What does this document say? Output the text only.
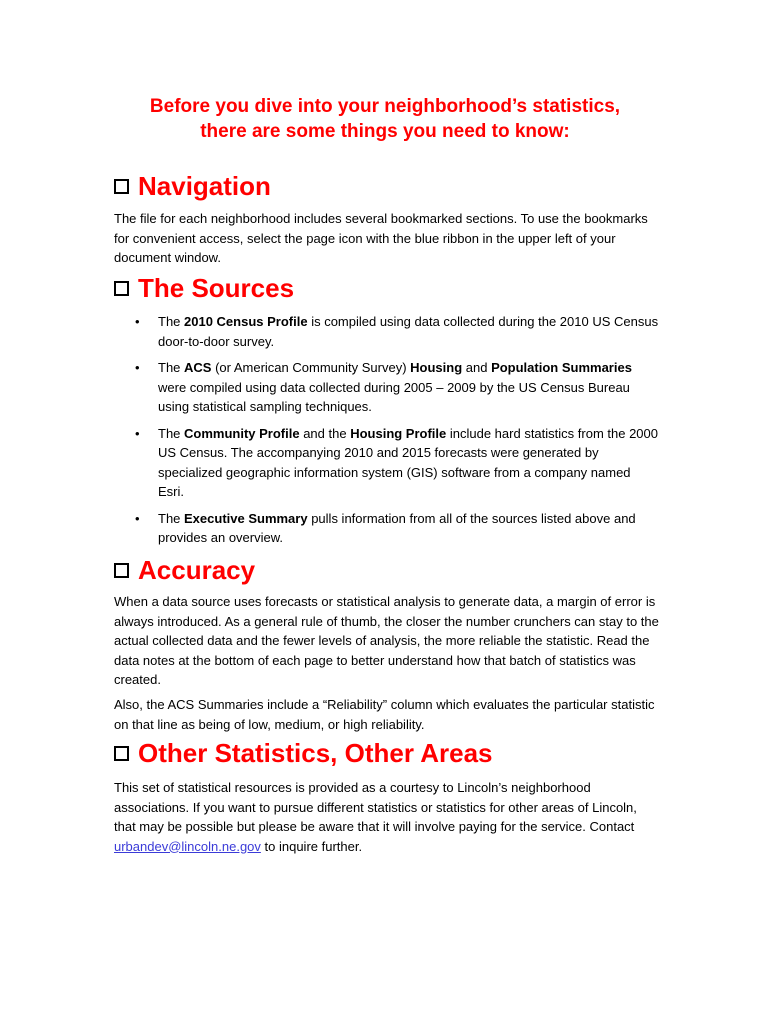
Before you dive into your neighborhood’s statistics,
there are some things you need to know:
Navigation
The file for each neighborhood includes several bookmarked sections. To use the bookmarks for convenient access, select the page icon with the blue ribbon in the upper left of your document window.
The Sources
• The 2010 Census Profile is compiled using data collected during the 2010 US Census door-to-door survey.
• The ACS (or American Community Survey) Housing and Population Summaries were compiled using data collected during 2005 – 2009 by the US Census Bureau using statistical sampling techniques.
• The Community Profile and the Housing Profile include hard statistics from the 2000 US Census. The accompanying 2010 and 2015 forecasts were generated by specialized geographic information system (GIS) software from a company named Esri.
• The Executive Summary pulls information from all of the sources listed above and provides an overview.
Accuracy
When a data source uses forecasts or statistical analysis to generate data, a margin of error is always introduced. As a general rule of thumb, the closer the number crunchers can stay to the actual collected data and the fewer levels of analysis, the more reliable the statistic. Read the data notes at the bottom of each page to better understand how that batch of statistics was created.
Also, the ACS Summaries include a “Reliability” column which evaluates the particular statistic on that line as being of low, medium, or high reliability.
Other Statistics, Other Areas
This set of statistical resources is provided as a courtesy to Lincoln’s neighborhood associations. If you want to pursue different statistics or statistics for other areas of Lincoln, that may be possible but please be aware that it will involve paying for the service. Contact urbandev@lincoln.ne.gov to inquire further.
